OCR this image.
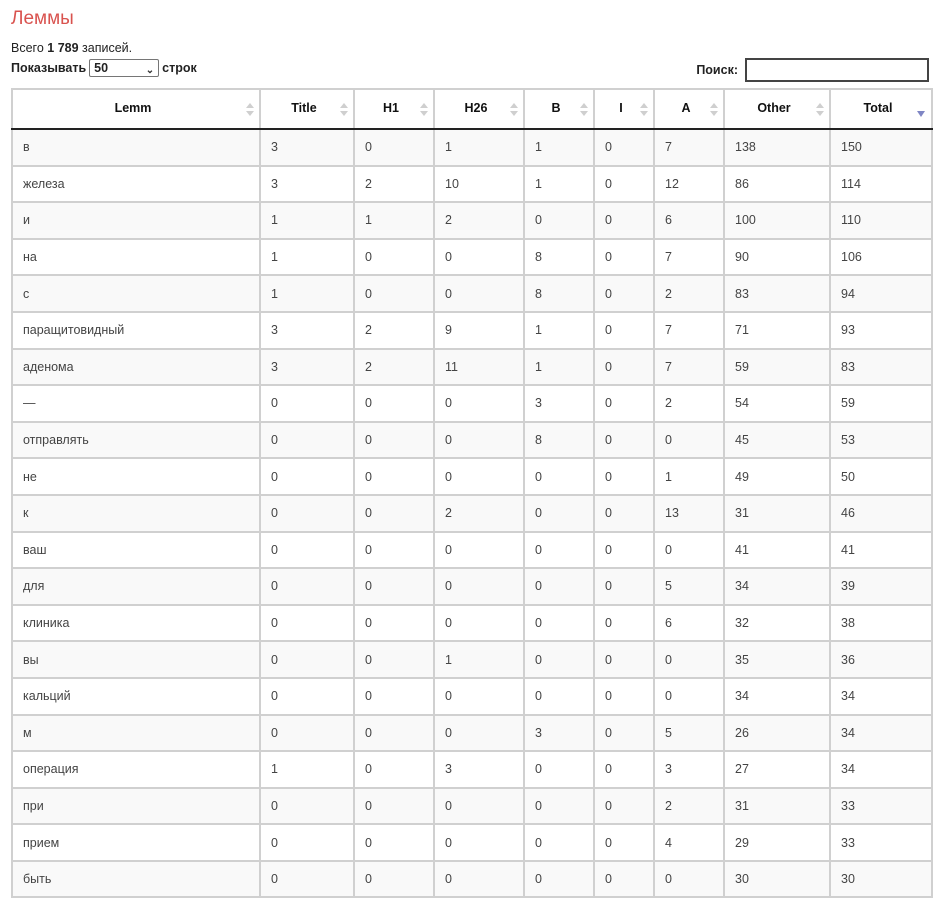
Леммы
Всего 1 789 записей.
Показывать 50	⌄ строк	Поиск:
Lemm	Title	H1	H26	B	I	A	Other	Total

в	3	0	1	1	0	7	138	150
железа	3	2	10	1	0	12	86	114
и	1	1	2	0	0	6	100	110
на	1	0	0	8	0	7	90	106
с	1	0	0	8	0	2	83	94
паращитовидный	3	2	9	1	0	7	71	93
аденома	3	2	11	1	0	7	59	83
—	0	0	0	3	0	2	54	59
отправлять	0	0	0	8	0	0	45	53
не	0	0	0	0	0	1	49	50
к	0	0	2	0	0	13	31	46
ваш	0	0	0	0	0	0	41	41
для	0	0	0	0	0	5	34	39
клиника	0	0	0	0	0	6	32	38
вы	0	0	1	0	0	0	35	36
кальций	0	0	0	0	0	0	34	34
м	0	0	0	3	0	5	26	34
операция	1	0	3	0	0	3	27	34
при	0	0	0	0	0	2	31	33
прием	0	0	0	0	0	4	29	33
быть	0	0	0	0	0	0	30	30
